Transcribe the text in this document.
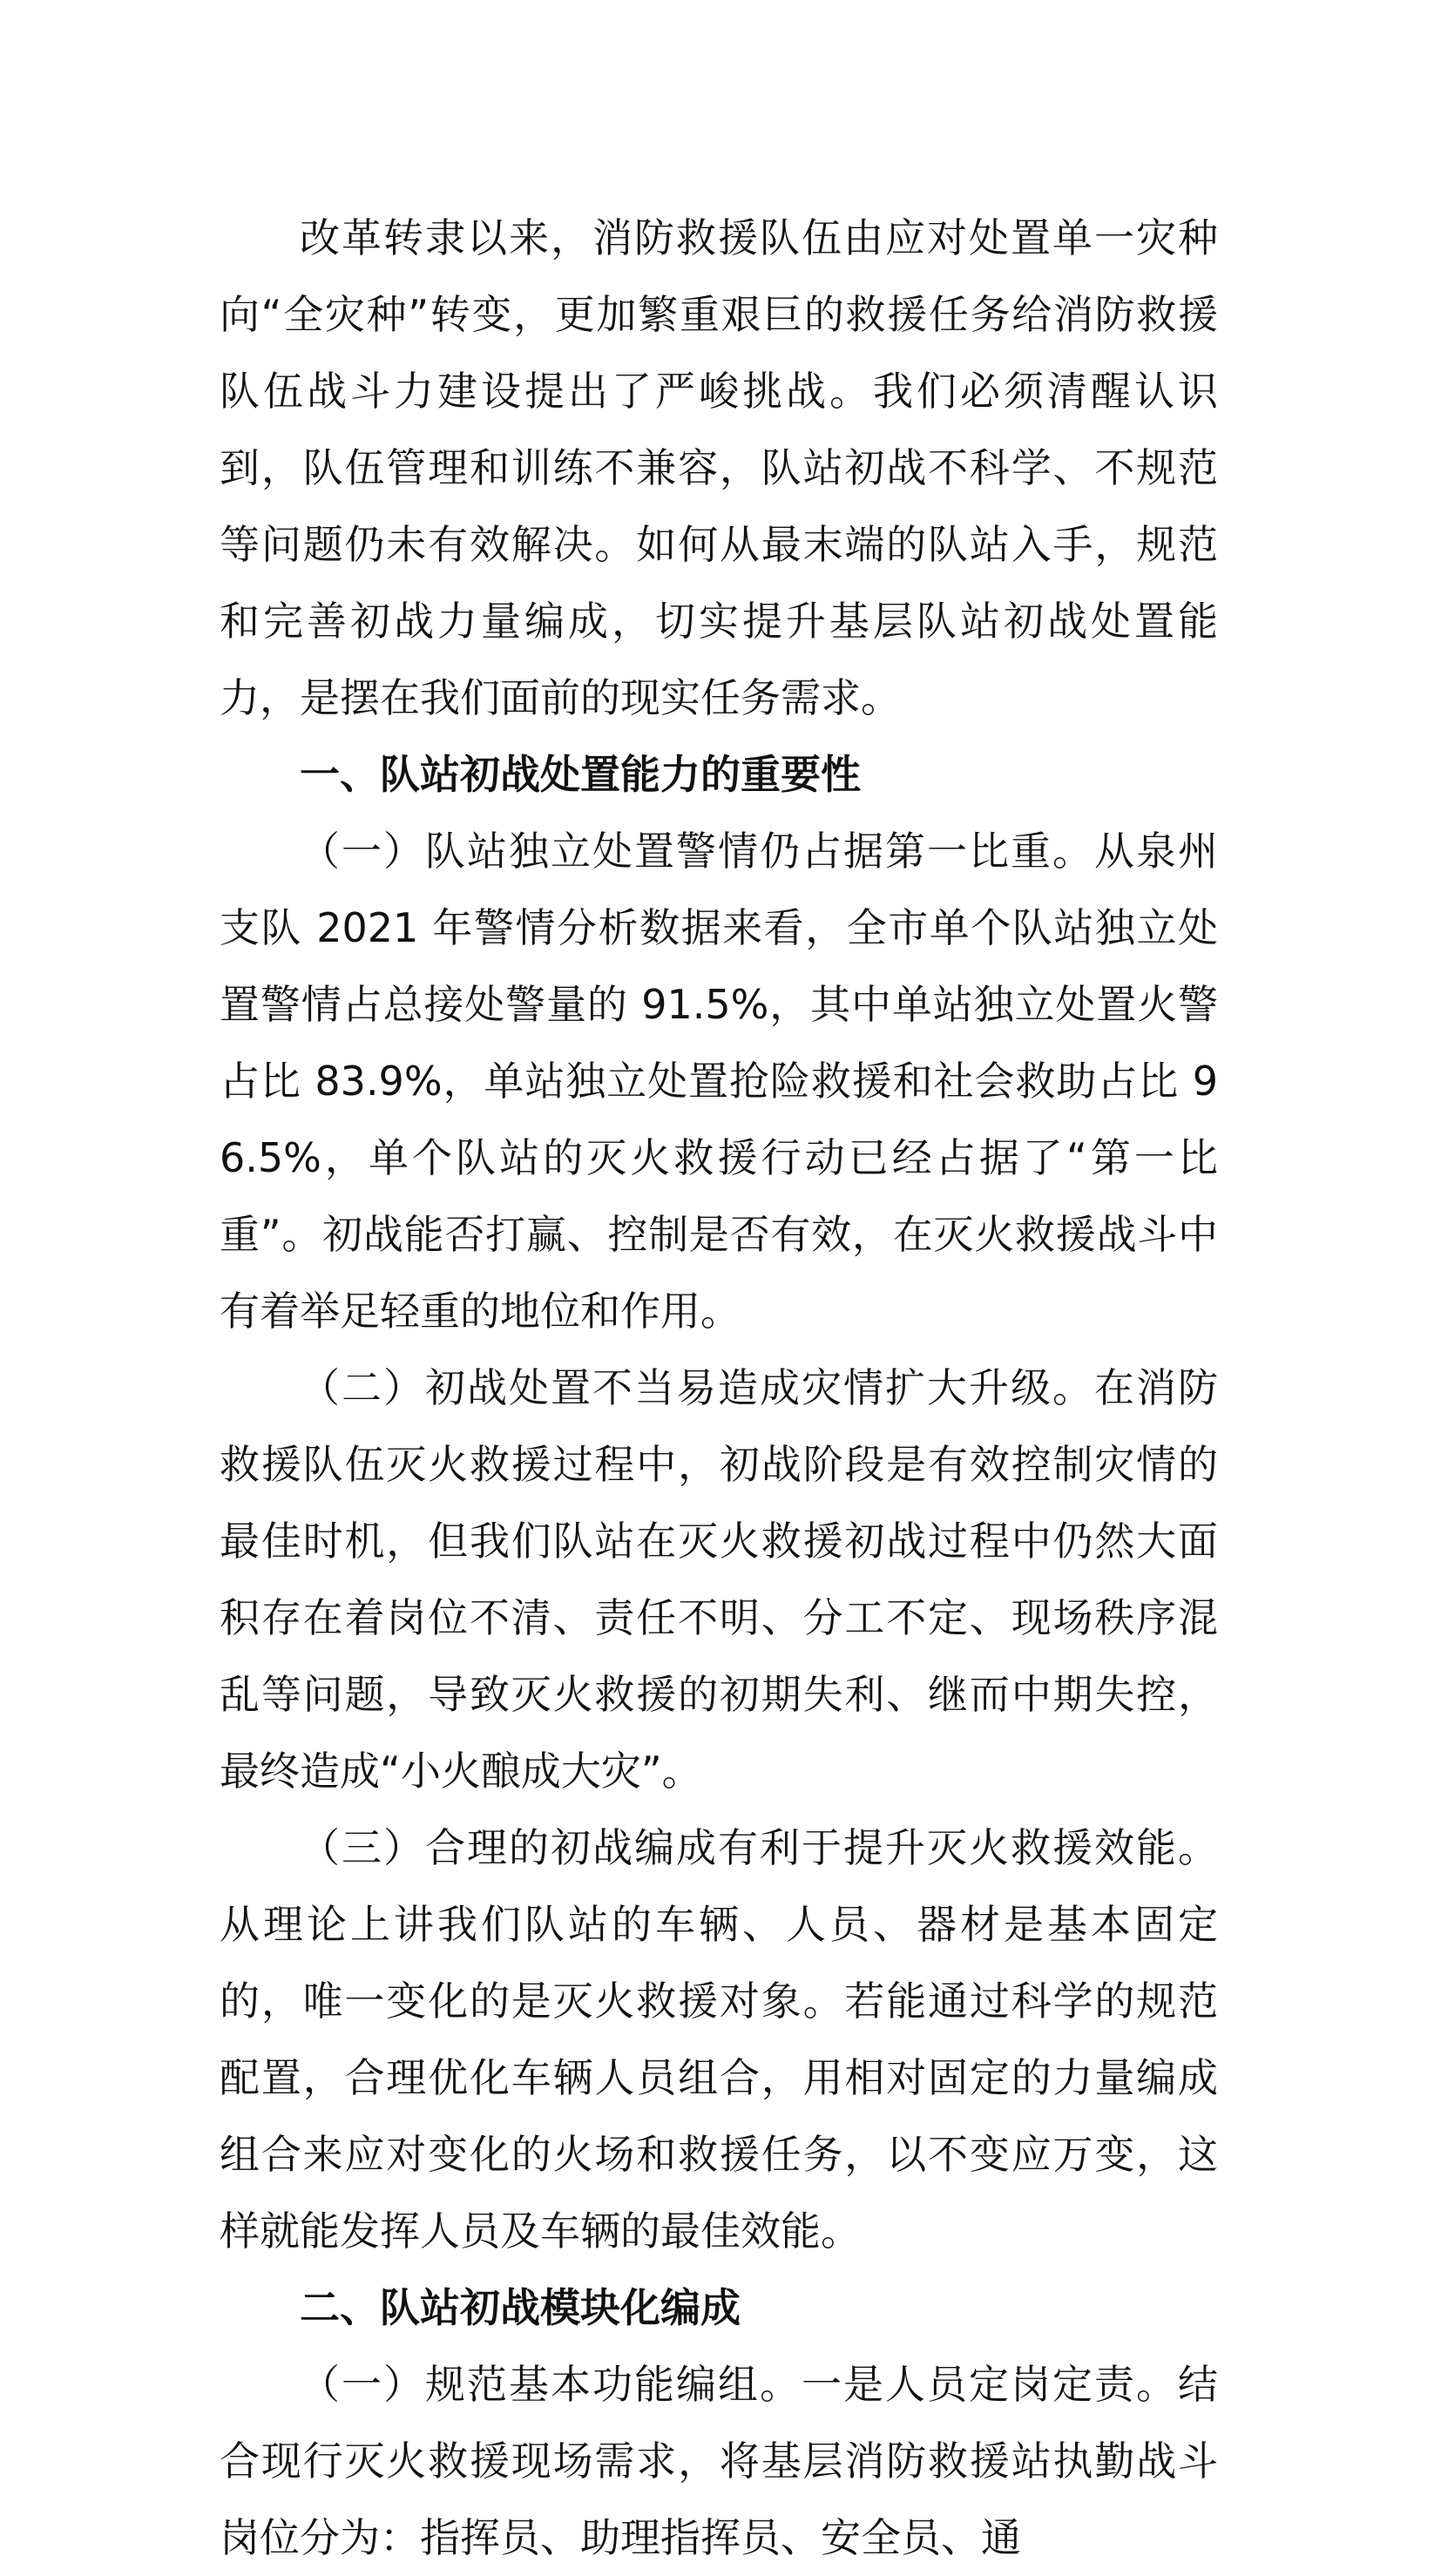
改革转隶以来，消防救援队伍由应对处置单一灾种向“全灾种”转变，更加繁重艰巨的救援任务给消防救援队伍战斗力建设提出了严峻挑战。我们必须清醒认识到，队伍管理和训练不兼容，队站初战不科学、不规范等问题仍未有效解决。如何从最末端的队站入手，规范和完善初战力量编成，切实提升基层队站初战处置能力，是摆在我们面前的现实任务需求。

一、队站初战处置能力的重要性

（一）队站独立处置警情仍占据第一比重。从泉州支队 2021 年警情分析数据来看，全市单个队站独立处置警情占总接处警量的 91.5%，其中单站独立处置火警占比 83.9%，单站独立处置抢险救援和社会救助占比 96.5%，单个队站的灭火救援行动已经占据了“第一比重”。初战能否打赢、控制是否有效，在灭火救援战斗中有着举足轻重的地位和作用。

（二）初战处置不当易造成灾情扩大升级。在消防救援队伍灭火救援过程中，初战阶段是有效控制灾情的最佳时机，但我们队站在灭火救援初战过程中仍然大面积存在着岗位不清、责任不明、分工不定、现场秩序混乱等问题，导致灭火救援的初期失利、继而中期失控，最终造成“小火酿成大灾”。

（三）合理的初战编成有利于提升灭火救援效能。从理论上讲我们队站的车辆、人员、器材是基本固定的，唯一变化的是灭火救援对象。若能通过科学的规范配置，合理优化车辆人员组合，用相对固定的力量编成组合来应对变化的火场和救援任务，以不变应万变，这样就能发挥人员及车辆的最佳效能。

二、队站初战模块化编成

（一）规范基本功能编组。一是人员定岗定责。结合现行灭火救援现场需求，将基层消防救援站执勤战斗岗位分为：指挥员、助理指挥员、安全员、通
